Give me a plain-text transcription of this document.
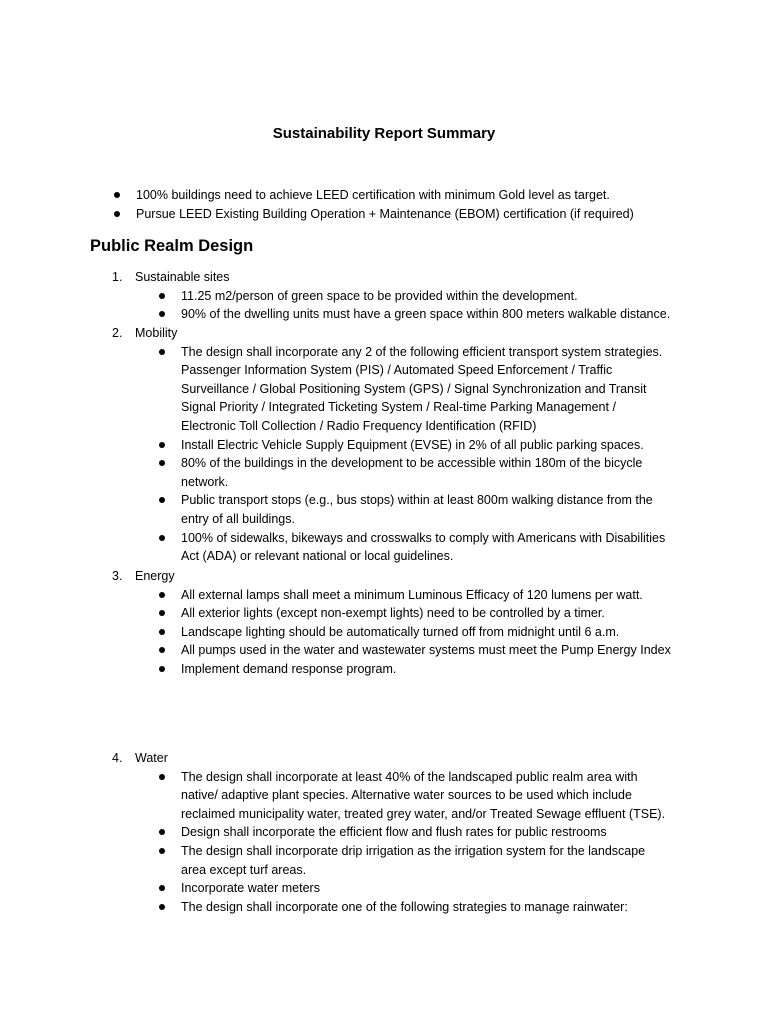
Sustainability Report Summary
100% buildings need to achieve LEED certification with minimum Gold level as target.
Pursue LEED Existing Building Operation + Maintenance (EBOM) certification (if required)
Public Realm Design
1. Sustainable sites
11.25 m2/person of green space to be provided within the development.
90% of the dwelling units must have a green space within 800 meters walkable distance.
2. Mobility
The design shall incorporate any 2 of the following efficient transport system strategies.
Passenger Information System (PIS) / Automated Speed Enforcement / Traffic
Surveillance / Global Positioning System (GPS) / Signal Synchronization and Transit
Signal Priority / Integrated Ticketing System / Real-time Parking Management /
Electronic Toll Collection / Radio Frequency Identification (RFID)
Install Electric Vehicle Supply Equipment (EVSE) in 2% of all public parking spaces.
80% of the buildings in the development to be accessible within 180m of the bicycle
network.
Public transport stops (e.g., bus stops) within at least 800m walking distance from the
entry of all buildings.
100% of sidewalks, bikeways and crosswalks to comply with Americans with Disabilities
Act (ADA) or relevant national or local guidelines.
3. Energy
All external lamps shall meet a minimum Luminous Efficacy of 120 lumens per watt.
All exterior lights (except non-exempt lights) need to be controlled by a timer.
Landscape lighting should be automatically turned off from midnight until 6 a.m.
All pumps used in the water and wastewater systems must meet the Pump Energy Index
Implement demand response program.
4. Water
The design shall incorporate at least 40% of the landscaped public realm area with
native/ adaptive plant species. Alternative water sources to be used which include
reclaimed municipality water, treated grey water, and/or Treated Sewage effluent (TSE).
Design shall incorporate the efficient flow and flush rates for public restrooms
The design shall incorporate drip irrigation as the irrigation system for the landscape
area except turf areas.
Incorporate water meters
The design shall incorporate one of the following strategies to manage rainwater:
